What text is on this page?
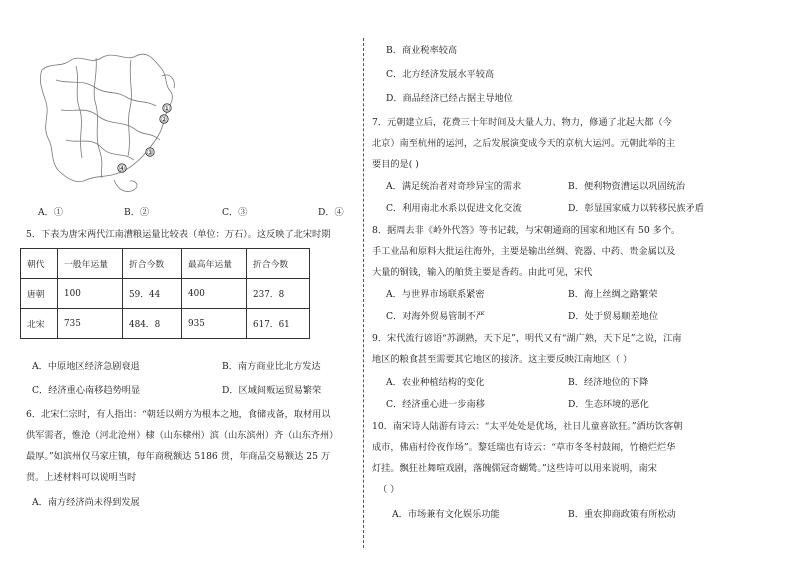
①
②
③
④
A．①	B．②	C．③	D．④
5．下表为唐宋两代江南漕粮运量比较表（单位：万石）。这反映了北宋时期
朝代	一般年运量	折合今数	最高年运量	折合今数
唐朝	100	59．44	400	237．8
北宋	735	484．8	935	617．61
A．中原地区经济急剧衰退	B．南方商业比北方发达
C．经济重心南移趋势明显	D．区域间贩运贸易繁荣
6．北宋仁宗时，有人指出：“朝廷以朔方为根本之地，食储戎备，取材用以
供军需者，惟沧（河北沧州）棣（山东棣州）滨（山东滨州）齐（山东齐州）
最厚。”如滨州仅马家庄镇，每年商税额达 5186 贯，年商品交易额达 25 万
贯。上述材料可以说明当时
A．南方经济尚未得到发展
B．商业税率较高
C．北方经济发展水平较高
D．商品经济已经占据主导地位
7．元朝建立后，花费三十年时间及大量人力、物力，修通了北起大都（今
北京）南至杭州的运河，之后发展演变成今天的京杭大运河。元朝此举的主
要目的是( )
A．满足统治者对奇珍异宝的需求	B．便利物资漕运以巩固统治
C．利用南北水系以促进文化交流	D．彰显国家威力以转移民族矛盾
8．据周去非《岭外代答》等书记载，与宋朝通商的国家和地区有 50 多个。
手工业品和原料大批运往海外，主要是输出丝绸、瓷器、中药、贵金属以及
大量的铜钱，输入的舶货主要是香药。由此可见，宋代
A．与世界市场联系紧密	B．海上丝绸之路繁荣
C．对海外贸易管制不严	D．处于贸易顺差地位
9．宋代流行谚语“苏湖熟，天下足”，明代又有“湖广熟，天下足”之说，江南
地区的粮食甚至需要其它地区的接济。这主要反映江南地区（ ）
A．农业种植结构的变化	B．经济地位的下降
C．经济重心进一步南移	D．生态环境的恶化
10．南宋诗人陆游有诗云：“太平处处是优场，社日儿童喜欲狂。”酒坊饮客朝
成市，佛庙村伶夜作场”。黎廷瑞也有诗云：“草市冬冬村鼓闹，竹檐烂烂华
灯挂。飘狂社舞喧戏剧，落魄儒冠奇蝴鸶。”这些诗可以用来说明，南宋
（ ）
A．市场兼有文化娱乐功能	B．重农抑商政策有所松动
